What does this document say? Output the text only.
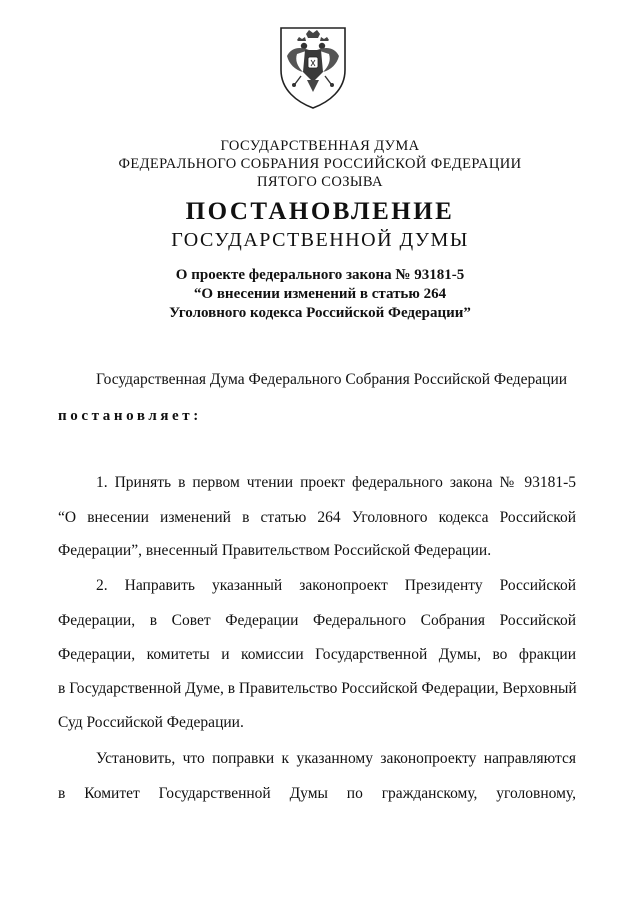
ГОСУДАРСТВЕННАЯ ДУМА
ФЕДЕРАЛЬНОГО СОБРАНИЯ РОССИЙСКОЙ ФЕДЕРАЦИИ
ПЯТОГО СОЗЫВА
ПОСТАНОВЛЕНИЕ
ГОСУДАРСТВЕННОЙ ДУМЫ
О проекте федерального закона № 93181-5
“О внесении изменений в статью 264
Уголовного кодекса Российской Федерации”
Государственная Дума Федерального Собрания Российской Федерации
постановляет:
1. Принять в первом чтении проект федерального закона № 93181-5
“О внесении изменений в статью 264 Уголовного кодекса Российской
Федерации”, внесенный Правительством Российской Федерации.
2. Направить указанный законопроект Президенту Российской
Федерации, в Совет Федерации Федерального Собрания Российской
Федерации, комитеты и комиссии Государственной Думы, во фракции
в Государственной Думе, в Правительство Российской Федерации, Верховный
Суд Российской Федерации.
Установить, что поправки к указанному законопроекту направляются
в Комитет Государственной Думы по гражданскому, уголовному,
